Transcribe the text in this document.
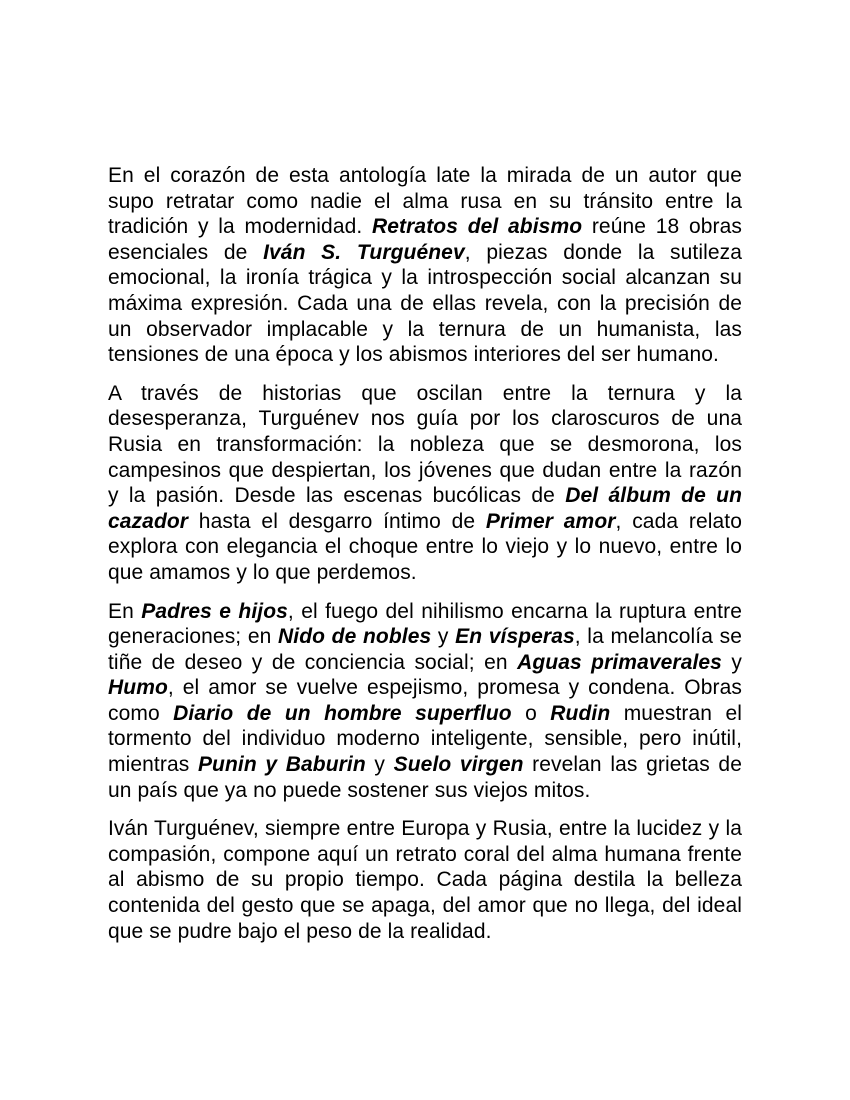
En el corazón de esta antología late la mirada de un autor que supo retratar como nadie el alma rusa en su tránsito entre la tradición y la modernidad. Retratos del abismo reúne 18 obras esenciales de Iván S. Turguénev, piezas donde la sutileza emocional, la ironía trágica y la introspección social alcanzan su máxima expresión. Cada una de ellas revela, con la precisión de un observador implacable y la ternura de un humanista, las tensiones de una época y los abismos interiores del ser humano.

A través de historias que oscilan entre la ternura y la desesperanza, Turguénev nos guía por los claroscuros de una Rusia en transformación: la nobleza que se desmorona, los campesinos que despiertan, los jóvenes que dudan entre la razón y la pasión. Desde las escenas bucólicas de Del álbum de un cazador hasta el desgarro íntimo de Primer amor, cada relato explora con elegancia el choque entre lo viejo y lo nuevo, entre lo que amamos y lo que perdemos.

En Padres e hijos, el fuego del nihilismo encarna la ruptura entre generaciones; en Nido de nobles y En vísperas, la melancolía se tiñe de deseo y de conciencia social; en Aguas primaverales y Humo, el amor se vuelve espejismo, promesa y condena. Obras como Diario de un hombre superfluo o Rudin muestran el tormento del individuo moderno inteligente, sensible, pero inútil, mientras Punin y Baburin y Suelo virgen revelan las grietas de un país que ya no puede sostener sus viejos mitos.

Iván Turguénev, siempre entre Europa y Rusia, entre la lucidez y la compasión, compone aquí un retrato coral del alma humana frente al abismo de su propio tiempo. Cada página destila la belleza contenida del gesto que se apaga, del amor que no llega, del ideal que se pudre bajo el peso de la realidad.
